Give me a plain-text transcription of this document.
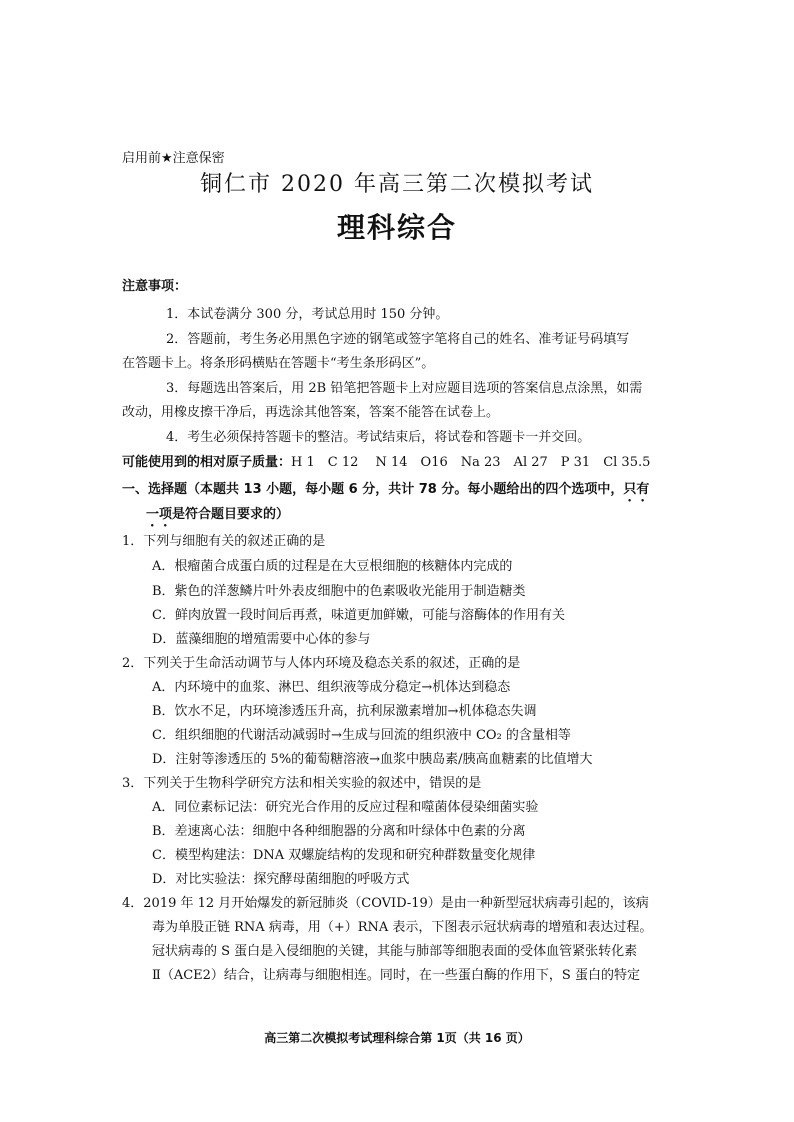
启用前★注意保密
铜仁市 2020 年高三第二次模拟考试
理科综合
注意事项：
1．本试卷满分 300 分，考试总用时 150 分钟。
2．答题前，考生务必用黑色字迹的钢笔或签字笔将自己的姓名、准考证号码填写
在答题卡上。将条形码横贴在答题卡“考生条形码区”。
3．每题选出答案后，用 2B 铅笔把答题卡上对应题目选项的答案信息点涂黑，如需
改动，用橡皮擦干净后，再选涂其他答案，答案不能答在试卷上。
4．考生必须保持答题卡的整洁。考试结束后，将试卷和答题卡一并交回。
可能使用到的相对原子质量：H 1　C 12　 N 14　O16　Na 23　Al 27　P 31　Cl 35.5
一、选择题（本题共 13 小题，每小题 6 分，共计 78 分。每小题给出的四个选项中，只有
一项是符合题目要求的）
1．下列与细胞有关的叙述正确的是
A．根瘤菌合成蛋白质的过程是在大豆根细胞的核糖体内完成的
B．紫色的洋葱鳞片叶外表皮细胞中的色素吸收光能用于制造糖类
C．鲜肉放置一段时间后再煮，味道更加鲜嫩，可能与溶酶体的作用有关
D．蓝藻细胞的增殖需要中心体的参与
2．下列关于生命活动调节与人体内环境及稳态关系的叙述，正确的是
A．内环境中的血浆、淋巴、组织液等成分稳定→机体达到稳态
B．饮水不足，内环境渗透压升高，抗利尿激素增加→机体稳态失调
C．组织细胞的代谢活动减弱时→生成与回流的组织液中 CO₂ 的含量相等
D．注射等渗透压的 5%的葡萄糖溶液→血浆中胰岛素/胰高血糖素的比值增大
3．下列关于生物科学研究方法和相关实验的叙述中，错误的是
A．同位素标记法：研究光合作用的反应过程和噬菌体侵染细菌实验
B．差速离心法：细胞中各种细胞器的分离和叶绿体中色素的分离
C．模型构建法：DNA 双螺旋结构的发现和研究种群数量变化规律
D．对比实验法：探究酵母菌细胞的呼吸方式
4．2019 年 12 月开始爆发的新冠肺炎（COVID-19）是由一种新型冠状病毒引起的，该病
毒为单股正链 RNA 病毒，用（+）RNA 表示，下图表示冠状病毒的增殖和表达过程。
冠状病毒的 S 蛋白是入侵细胞的关键，其能与肺部等细胞表面的受体血管紧张转化素
Ⅱ（ACE2）结合，让病毒与细胞相连。同时，在一些蛋白酶的作用下，S 蛋白的特定
高三第二次模拟考试理科综合第 1页（共 16 页）
